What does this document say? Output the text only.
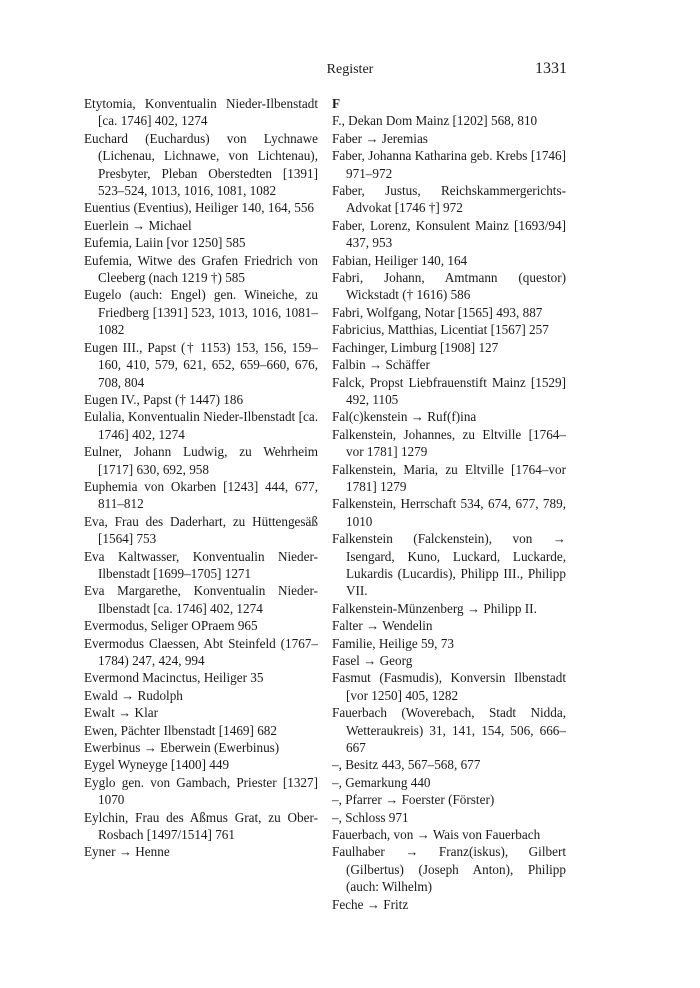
Register	1331
Etytomia, Konventualin Nieder-Ilbenstadt [ca. 1746] 402, 1274
Euchard (Euchardus) von Lychnawe (Lichenau, Lichnawe, von Lichtenau), Presbyter, Pleban Oberstedten [1391] 523–524, 1013, 1016, 1081, 1082
Euentius (Eventius), Heiliger 140, 164, 556
Euerlein → Michael
Eufemia, Laiin [vor 1250] 585
Eufemia, Witwe des Grafen Friedrich von Cleeberg (nach 1219 †) 585
Eugelo (auch: Engel) gen. Wineiche, zu Friedberg [1391] 523, 1013, 1016, 1081–1082
Eugen III., Papst († 1153) 153, 156, 159–160, 410, 579, 621, 652, 659–660, 676, 708, 804
Eugen IV., Papst († 1447) 186
Eulalia, Konventualin Nieder-Ilbenstadt [ca. 1746] 402, 1274
Eulner, Johann Ludwig, zu Wehrheim [1717] 630, 692, 958
Euphemia von Okarben [1243] 444, 677, 811–812
Eva, Frau des Daderhart, zu Hüttengesäß [1564] 753
Eva Kaltwasser, Konventualin Nieder-Ilbenstadt [1699–1705] 1271
Eva Margarethe, Konventualin Nieder-Ilbenstadt [ca. 1746] 402, 1274
Evermodus, Seliger OPraem 965
Evermodus Claessen, Abt Steinfeld (1767–1784) 247, 424, 994
Evermond Macinctus, Heiliger 35
Ewald → Rudolph
Ewalt → Klar
Ewen, Pächter Ilbenstadt [1469] 682
Ewerbinus → Eberwein (Ewerbinus)
Eygel Wyneyge [1400] 449
Eyglo gen. von Gambach, Priester [1327] 1070
Eylchin, Frau des Aßmus Grat, zu Ober-Rosbach [1497/1514] 761
Eyner → Henne
F
F., Dekan Dom Mainz [1202] 568, 810
Faber → Jeremias
Faber, Johanna Katharina geb. Krebs [1746] 971–972
Faber, Justus, Reichskammergerichts-Advokat [1746 †] 972
Faber, Lorenz, Konsulent Mainz [1693/94] 437, 953
Fabian, Heiliger 140, 164
Fabri, Johann, Amtmann (questor) Wickstadt († 1616) 586
Fabri, Wolfgang, Notar [1565] 493, 887
Fabricius, Matthias, Licentiat [1567] 257
Fachinger, Limburg [1908] 127
Falbin → Schäffer
Falck, Propst Liebfrauenstift Mainz [1529] 492, 1105
Fal(c)kenstein → Ruf(f)ina
Falkenstein, Johannes, zu Eltville [1764–vor 1781] 1279
Falkenstein, Maria, zu Eltville [1764–vor 1781] 1279
Falkenstein, Herrschaft 534, 674, 677, 789, 1010
Falkenstein (Falckenstein), von → Isengard, Kuno, Luckard, Luckarde, Lukardis (Lucardis), Philipp III., Philipp VII.
Falkenstein-Münzenberg → Philipp II.
Falter → Wendelin
Familie, Heilige 59, 73
Fasel → Georg
Fasmut (Fasmudis), Konversin Ilbenstadt [vor 1250] 405, 1282
Fauerbach (Woverebach, Stadt Nidda, Wetteraukreis) 31, 141, 154, 506, 666–667
–, Besitz 443, 567–568, 677
–, Gemarkung 440
–, Pfarrer → Foerster (Förster)
–, Schloss 971
Fauerbach, von → Wais von Fauerbach
Faulhaber → Franz(iskus), Gilbert (Gilbertus) (Joseph Anton), Philipp (auch: Wilhelm)
Feche → Fritz
